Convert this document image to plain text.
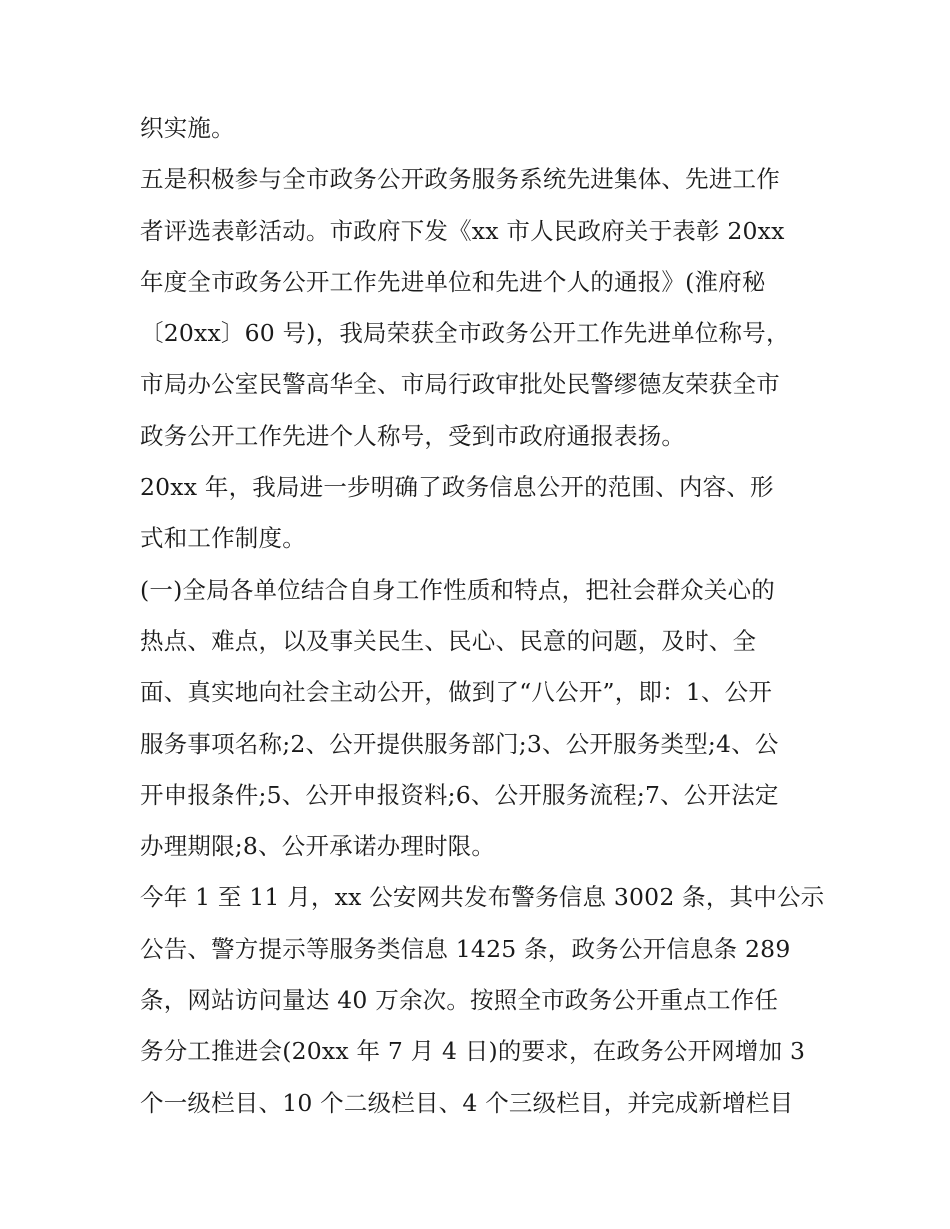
织实施。
五是积极参与全市政务公开政务服务系统先进集体、先进工作
者评选表彰活动。市政府下发《xx 市人民政府关于表彰 20xx
年度全市政务公开工作先进单位和先进个人的通报》(淮府秘
〔20xx〕60 号)，我局荣获全市政务公开工作先进单位称号，
市局办公室民警高华全、市局行政审批处民警缪德友荣获全市
政务公开工作先进个人称号，受到市政府通报表扬。
20xx 年，我局进一步明确了政务信息公开的范围、内容、形
式和工作制度。
(一)全局各单位结合自身工作性质和特点，把社会群众关心的
热点、难点，以及事关民生、民心、民意的问题，及时、全
面、真实地向社会主动公开，做到了“八公开”，即：1、公开
服务事项名称;2、公开提供服务部门;3、公开服务类型;4、公
开申报条件;5、公开申报资料;6、公开服务流程;7、公开法定
办理期限;8、公开承诺办理时限。
今年 1 至 11 月，xx 公安网共发布警务信息 3002 条，其中公示
公告、警方提示等服务类信息 1425 条，政务公开信息条 289
条，网站访问量达 40 万余次。按照全市政务公开重点工作任
务分工推进会(20xx 年 7 月 4 日)的要求，在政务公开网增加 3
个一级栏目、10 个二级栏目、4 个三级栏目，并完成新增栏目
